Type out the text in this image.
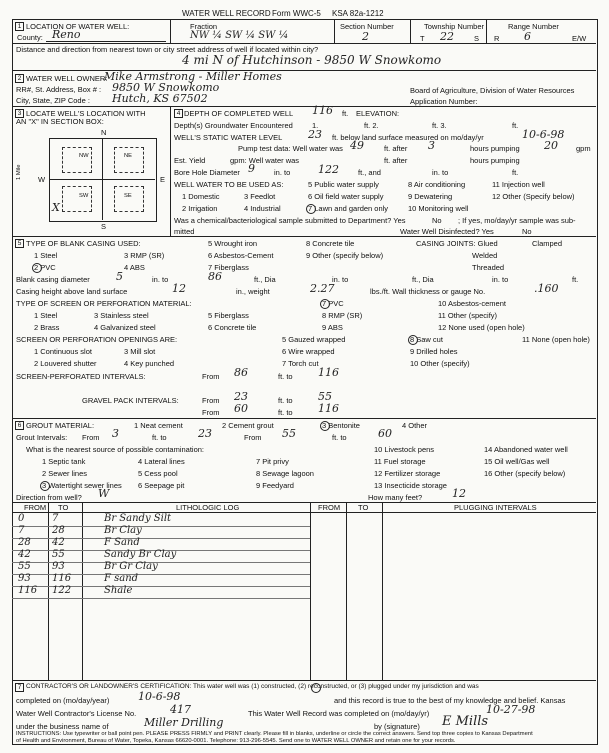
WATER WELL RECORD Form WWC-5 KSA 82a-1212
1 LOCATION OF WATER WELL:
County: Reno
Fraction
NW ¼ SW ¼ SW ¼
Section Number
2
Township Number
T 22	S
Range Number
R 6	E/W
Distance and direction from nearest town or city street address of well if located within city?
4 mi N of Hutchinson - 9850 W Snowkomo
2 WATER WELL OWNER:
Mike Armstrong - Miller Homes
RR#, St. Address, Box # : 9850 W Snowkomo
City, State, ZIP Code : Hutch, KS 67502
Board of Agriculture, Division of Water Resources
Application Number:
3 LOCATE WELL'S LOCATION WITH
AN "X" IN SECTION BOX:
N
S
W	E
1 Mile
NW	NE
SW	SE
X
4 DEPTH OF COMPLETED WELL 116 ft. ELEVATION:
Depth(s) Groundwater Encountered	1.	ft. 2.	ft. 3.	ft.
WELL'S STATIC WATER LEVEL 23 ft. below land surface measured on mo/day/yr	10-6-98
Pump test data: Well water was 49	ft. after 3	hours pumping 20 gpm
Est. Yield	gpm: Well water was	ft. after	hours pumping
Bore Hole Diameter 9	in. to	122	ft., and	in. to	ft.
WELL WATER TO BE USED AS:
1 Domestic	3 Feedlot
5 Public water supply	8 Air conditioning	11 Injection well
2 Irrigation	4 Industrial	7 Lawn and garden only	10 Monitoring well
6 Oil field water supply	9 Dewatering	12 Other (Specify below)
Was a chemical/bacteriological sample submitted to Department? Yes	No ; If yes, mo/day/yr sample was sub-
mitted	Water Well Disinfected? Yes	No
5 TYPE OF BLANK CASING USED:
1 Steel
2 PVC
3 RMP (SR)
4 ABS
5 Wrought iron
6 Asbestos-Cement
7 Fiberglass
8 Concrete tile
9 Other (specify below)
CASING JOINTS: Glued	Clamped
Welded
Threaded
Blank casing diameter 5	in. to	86	ft., Dia	in. to	ft., Dia	in. to	ft.
Casing height above land surface	12	in., weight	2.27	lbs./ft. Wall thickness or gauge No.	.160
TYPE OF SCREEN OR PERFORATION MATERIAL:
1 Steel
2 Brass
3 Stainless steel
4 Galvanized steel
5 Fiberglass
6 Concrete tile
7 PVC
8 RMP (SR)
9 ABS
10 Asbestos-cement
11 Other (specify)
12 None used (open hole)
SCREEN OR PERFORATION OPENINGS ARE:
1 Continuous slot
2 Louvered shutter
3 Mill slot
4 Key punched
5 Gauzed wrapped
6 Wire wrapped
7 Torch cut
8 Saw cut
9 Drilled holes
10 Other (specify)
11 None (open hole)
SCREEN-PERFORATED INTERVALS:	From 86	ft. to 116
GRAVEL PACK INTERVALS:	From 23	ft. to 55
From 60	ft. to 116
6 GROUT MATERIAL:	1 Neat cement	2 Cement grout	3 Bentonite	4 Other
Grout Intervals: From 3	ft. to	23	From 55	ft. to	60
What is the nearest source of possible contamination:
1 Septic tank
2 Sewer lines
3 Watertight sewer lines
4 Lateral lines
5 Cess pool
6 Seepage pit
7 Pit privy
8 Sewage lagoon
9 Feedyard
10 Livestock pens
11 Fuel storage
12 Fertilizer storage
13 Insecticide storage
14 Abandoned water well
15 Oil well/Gas well
16 Other (specify below)
Direction from well? W	How many feet?	12
FROM TO	LITHOLOGIC LOG	FROM TO	PLUGGING INTERVALS
0	7	Br Sandy Silt
7	28	Br Clay
28 42	F Sand
42 55	Sandy Br Clay
55 93	Br Gr Clay
93 116	F sand
116 122	Shale
7 CONTRACTOR'S OR LANDOWNER'S CERTIFICATION: This water well was (1) constructed, (2) reconstructed, or (3) plugged under my jurisdiction and was
completed on (mo/day/year)	10-6-98	and this record is true to the best of my knowledge and belief. Kansas
Water Well Contractor's License No.	417	This Water Well Record was completed on (mo/day/yr)	10-27-98
under the business name of	Miller Drilling	by (signature) E Mills
INSTRUCTIONS: Use typewriter or ball point pen. PLEASE PRESS FIRMLY and PRINT clearly. Please fill in blanks, underline or circle the correct answers. Send top three copies to Kansas Department
of Health and Environment, Bureau of Water, Topeka, Kansas 66620-0001. Telephone: 913-296-5545. Send one to WATER WELL OWNER and retain one for your records.
